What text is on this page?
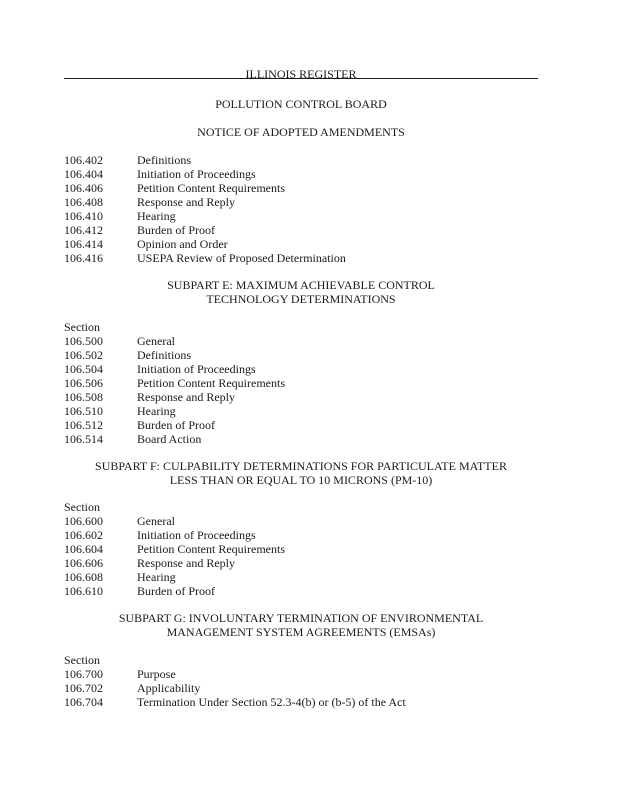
ILLINOIS REGISTER
POLLUTION CONTROL BOARD
NOTICE OF ADOPTED AMENDMENTS
106.402	Definitions
106.404	Initiation of Proceedings
106.406	Petition Content Requirements
106.408	Response and Reply
106.410	Hearing
106.412	Burden of Proof
106.414	Opinion and Order
106.416	USEPA Review of Proposed Determination
SUBPART E: MAXIMUM ACHIEVABLE CONTROL
TECHNOLOGY DETERMINATIONS
Section
106.500	General
106.502	Definitions
106.504	Initiation of Proceedings
106.506	Petition Content Requirements
106.508	Response and Reply
106.510	Hearing
106.512	Burden of Proof
106.514	Board Action
SUBPART F: CULPABILITY DETERMINATIONS FOR PARTICULATE MATTER
LESS THAN OR EQUAL TO 10 MICRONS (PM-10)
Section
106.600	General
106.602	Initiation of Proceedings
106.604	Petition Content Requirements
106.606	Response and Reply
106.608	Hearing
106.610	Burden of Proof
SUBPART G: INVOLUNTARY TERMINATION OF ENVIRONMENTAL
MANAGEMENT SYSTEM AGREEMENTS (EMSAs)
Section
106.700	Purpose
106.702	Applicability
106.704	Termination Under Section 52.3-4(b) or (b-5) of the Act
